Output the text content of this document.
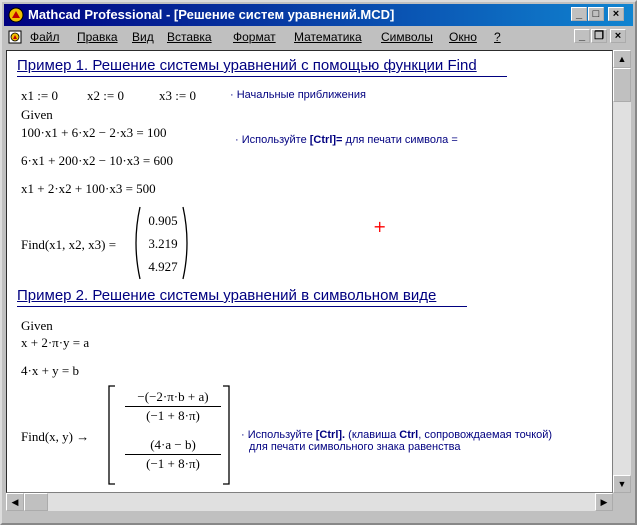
Mathcad Professional - [Решение систем уравнений.MCD]	_ □	×
Файл Правка Вид Вставка Формат Математика Символы Окно ?	_ ❐ ×
Пример 1. Решение системы уравнений с помощью функции Find
x1 := 0 x2 := 0	x3 := 0	· Начальные приближения
Given
100·x1 + 6·x2 − 2·x3 = 100	· Используйте [Ctrl]= для печати символа =
6·x1 + 200·x2 − 10·x3 = 600
x1 + 2·x2 + 100·x3 = 500
Find(x1, x2, x3) =
0.905
3.219
4.927
+
Пример 2. Решение системы уравнений в символьном виде
Given
x + 2·π·y = a
4·x + y = b
Find(x, y) →
−(−2·π·b + a)
(−1 + 8·π)
(4·a − b)
(−1 + 8·π)
· Используйте [Ctrl]. (клавиша Ctrl, сопровождаемая точкой)
для печати символьного знака равенства
▲
▼
◀	▶
